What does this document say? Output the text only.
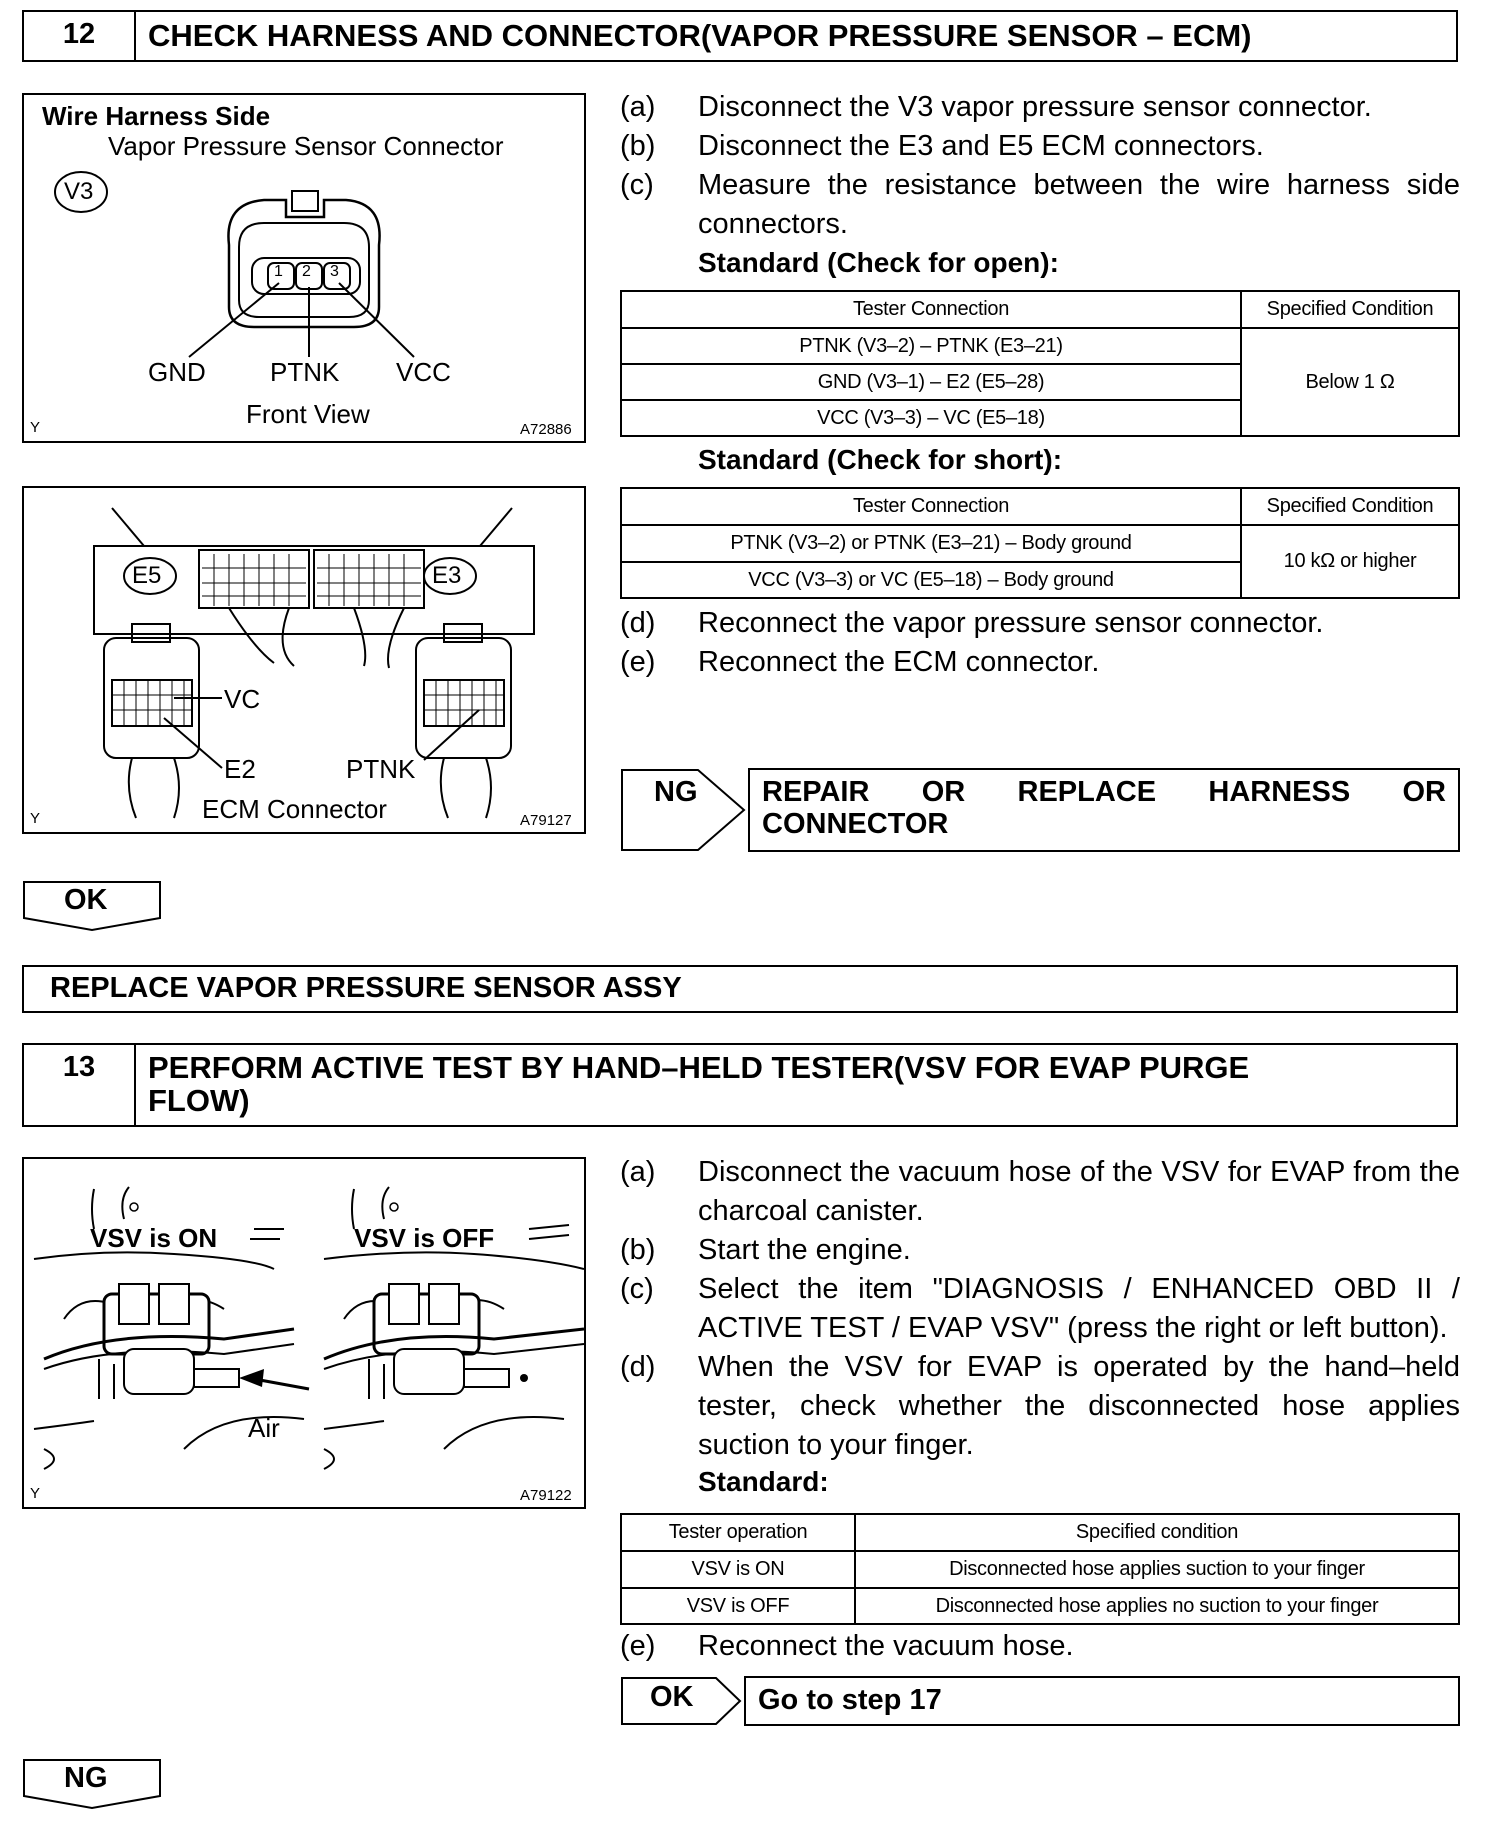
12	CHECK HARNESS AND CONNECTOR(VAPOR PRESSURE SENSOR – ECM)
Wire Harness Side
Vapor Pressure Sensor Connector
V3
1 2 3
GND PTNK VCC
Front View
Y	A72886
E5	E3
VC
E2	PTNK
ECM Connector
Y	A79127
(a)	Disconnect the V3 vapor pressure sensor connector.
(b)	Disconnect the E3 and E5 ECM connectors.
(c)	Measure the resistance between the wire harness side connectors.
Standard (Check for open):
Tester Connection	Specified Condition
PTNK (V3–2) – PTNK (E3–21)	Below 1 Ω
GND (V3–1) – E2 (E5–28)	
VCC (V3–3) – VC (E5–18)	
Standard (Check for short):
Tester Connection	Specified Condition
PTNK (V3–2) or PTNK (E3–21) – Body ground	10 kΩ or higher
VCC (V3–3) or VC (E5–18) – Body ground	
(d)	Reconnect the vapor pressure sensor connector.
(e)	Reconnect the ECM connector.
NG REPAIR OR REPLACE HARNESS OR
CONNECTOR
OK
REPLACE VAPOR PRESSURE SENSOR ASSY
13	PERFORM ACTIVE TEST BY HAND–HELD TESTER(VSV FOR EVAP PURGE
FLOW)
VSV is ON	VSV is OFF
Air
Y	A79122
(a)	Disconnect the vacuum hose of the VSV for EVAP from the charcoal canister.
(b)	Start the engine.
(c)	Select the item "DIAGNOSIS / ENHANCED OBD II / ACTIVE TEST / EVAP VSV" (press the right or left button).
(d)	When the VSV for EVAP is operated by the hand–held tester, check whether the disconnected hose applies suction to your finger.
Standard:
Tester operation	Specified condition
VSV is ON	Disconnected hose applies suction to your finger
VSV is OFF	Disconnected hose applies no suction to your finger
(e)	Reconnect the vacuum hose.
OK	Go to step 17
NG
